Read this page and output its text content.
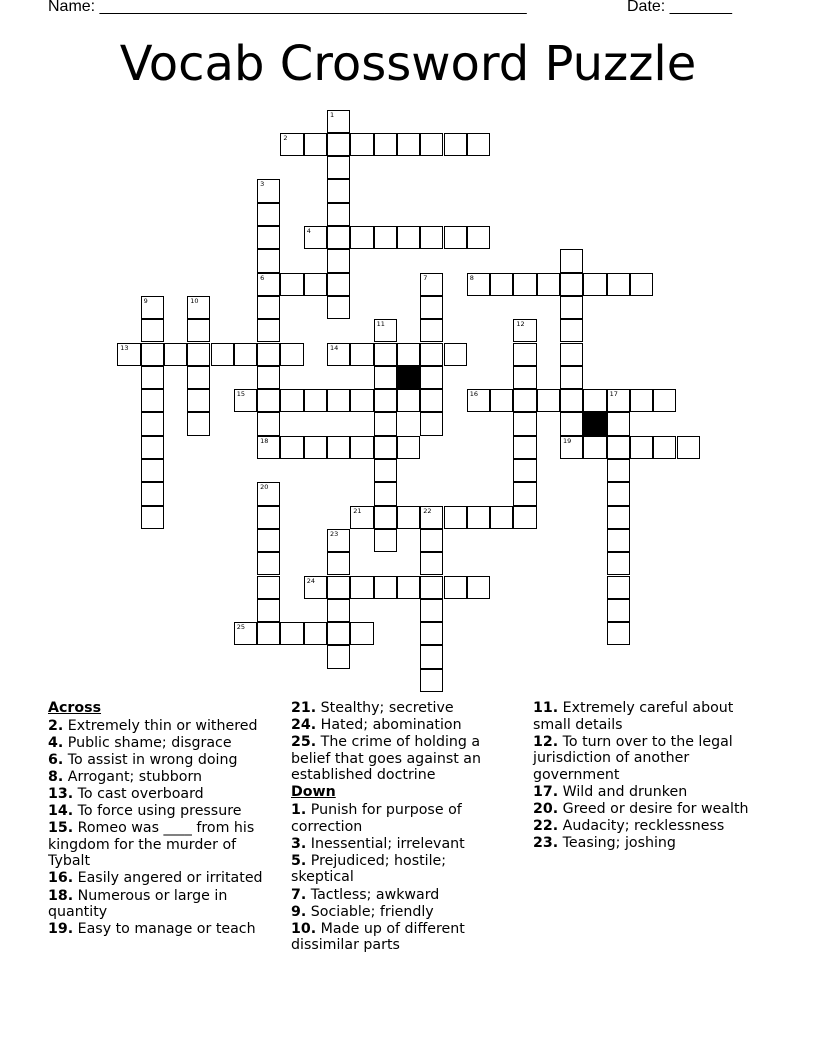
Name: ________________________________________________	Date: _______
Vocab Crossword Puzzle
2
4
6	8
13	14
15	16	17
18	19
21	22
24
25
1
3
7
9	10
11	12
20
23
Across
2. Extremely thin or withered
4. Public shame; disgrace
6. To assist in wrong doing
8. Arrogant; stubborn
13. To cast overboard
14. To force using pressure
15. Romeo was ____ from his kingdom for the murder of Tybalt
16. Easily angered or irritated
18. Numerous or large in quantity
19. Easy to manage or teach
21. Stealthy; secretive
24. Hated; abomination
25. The crime of holding a belief that goes against an established doctrine
Down
1. Punish for purpose of correction
3. Inessential; irrelevant
5. Prejudiced; hostile; skeptical
7. Tactless; awkward
9. Sociable; friendly
10. Made up of different dissimilar parts
11. Extremely careful about small details
12. To turn over to the legal jurisdiction of another government
17. Wild and drunken
20. Greed or desire for wealth
22. Audacity; recklessness
23. Teasing; joshing
